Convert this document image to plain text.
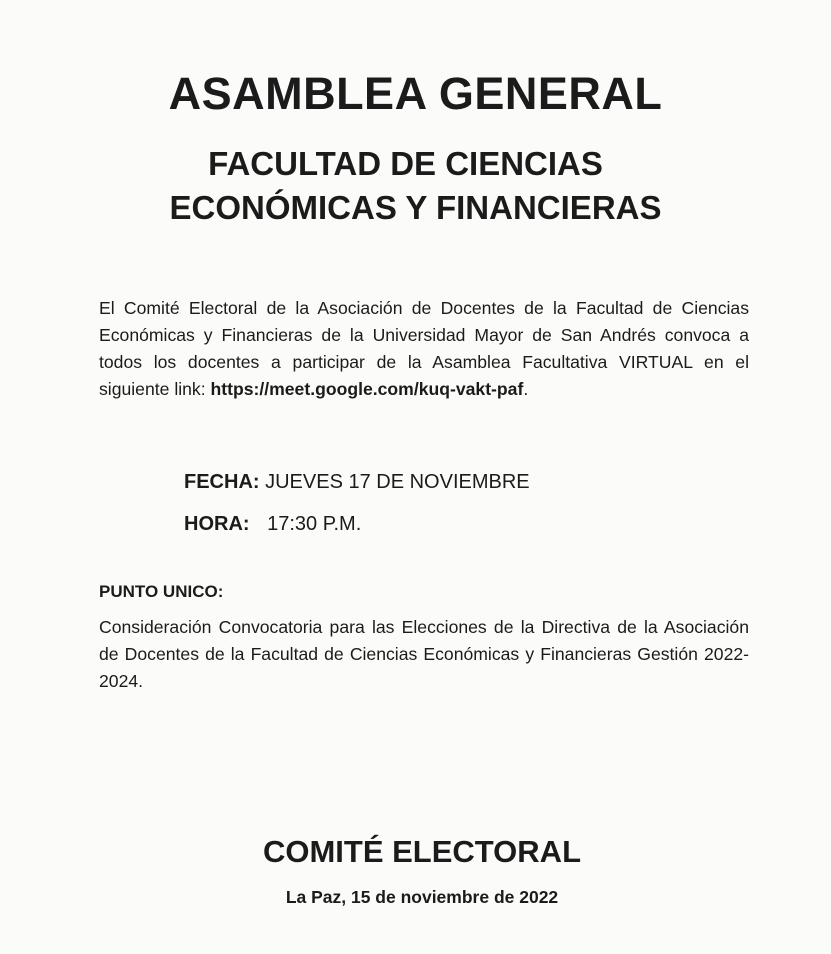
ASAMBLEA GENERAL
FACULTAD DE CIENCIAS
ECONÓMICAS Y FINANCIERAS

El Comité Electoral de la Asociación de Docentes de la Facultad de Ciencias Económicas y Financieras de la Universidad Mayor de San Andrés convoca a todos los docentes a participar de la Asamblea Facultativa VIRTUAL en el siguiente link: https://meet.google.com/kuq-vakt-paf.

FECHA: JUEVES 17 DE NOVIEMBRE

HORA: 17:30 P.M.

PUNTO UNICO:

Consideración Convocatoria para las Elecciones de la Directiva de la Asociación de Docentes de la Facultad de Ciencias Económicas y Financieras Gestión 2022-2024.

COMITÉ ELECTORAL

La Paz, 15 de noviembre de 2022
